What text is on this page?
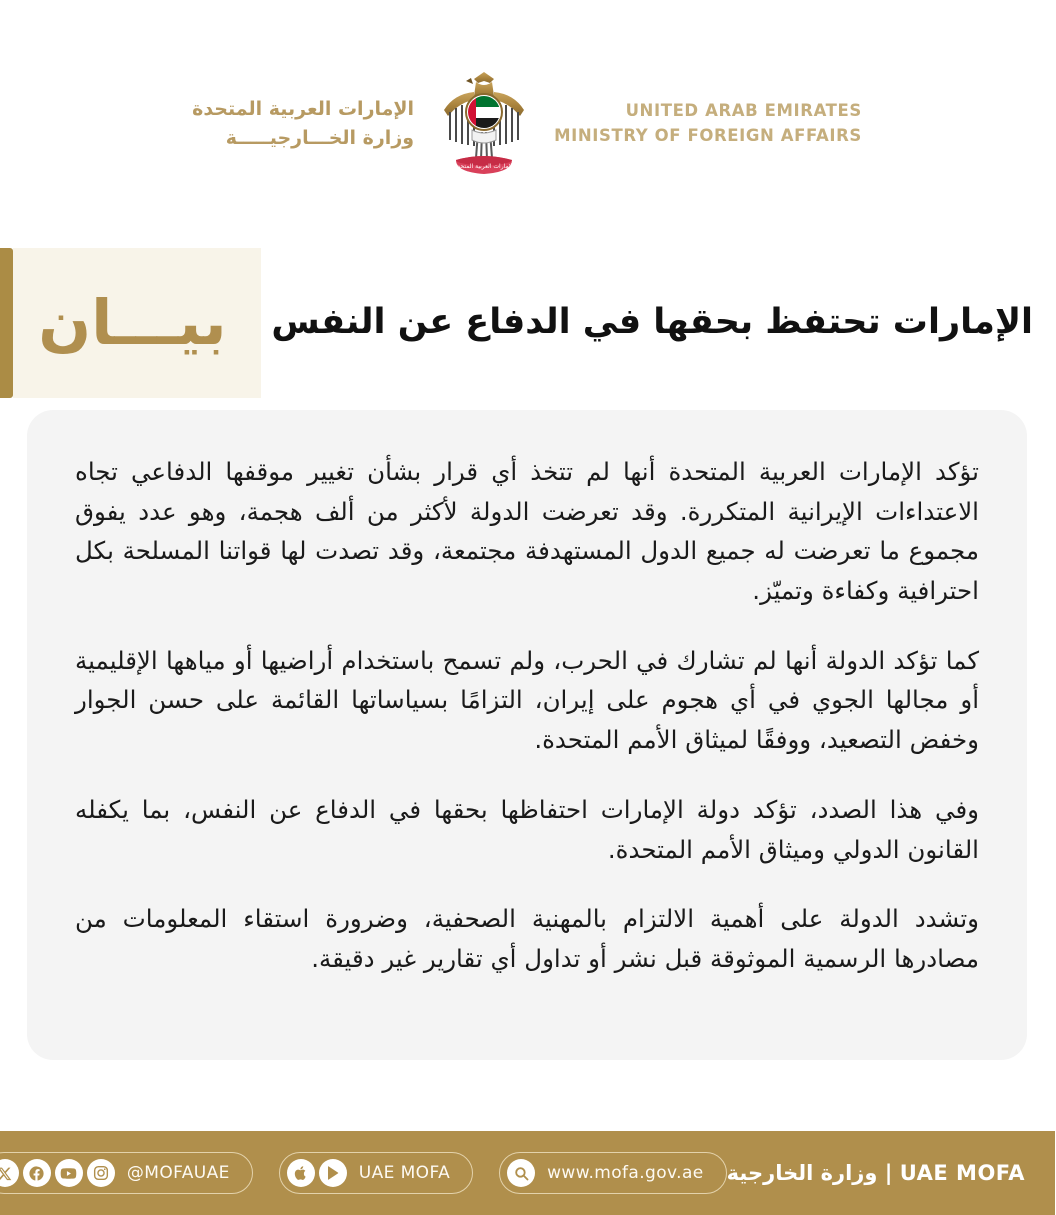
UNITED ARAB EMIRATES
MINISTRY OF FOREIGN AFFAIRS
الإمارات العربية المتحدة
الإمارات العربية المتحدة
وزارة الخـــارجيـــــة
الإمارات تحتفظ بحقها في الدفاع عن النفس
بيـــان

تؤكد الإمارات العربية المتحدة أنها لم تتخذ أي قرار بشأن تغيير موقفها الدفاعي تجاه الاعتداءات الإيرانية المتكررة. وقد تعرضت الدولة لأكثر من ألف هجمة، وهو عدد يفوق مجموع ما تعرضت له جميع الدول المستهدفة مجتمعة، وقد تصدت لها قواتنا المسلحة بكل احترافية وكفاءة وتميّز.

كما تؤكد الدولة أنها لم تشارك في الحرب، ولم تسمح باستخدام أراضيها أو مياهها الإقليمية أو مجالها الجوي في أي هجوم على إيران، التزامًا بسياساتها القائمة على حسن الجوار وخفض التصعيد، ووفقًا لميثاق الأمم المتحدة.

وفي هذا الصدد، تؤكد دولة الإمارات احتفاظها بحقها في الدفاع عن النفس، بما يكفله القانون الدولي وميثاق الأمم المتحدة.

وتشدد الدولة على أهمية الالتزام بالمهنية الصحفية، وضرورة استقاء المعلومات من مصادرها الرسمية الموثوقة قبل نشر أو تداول أي تقارير غير دقيقة.

UAE MOFA | وزارة الخارجية
www.mofa.gov.ae
UAE MOFA
@MOFAUAE
